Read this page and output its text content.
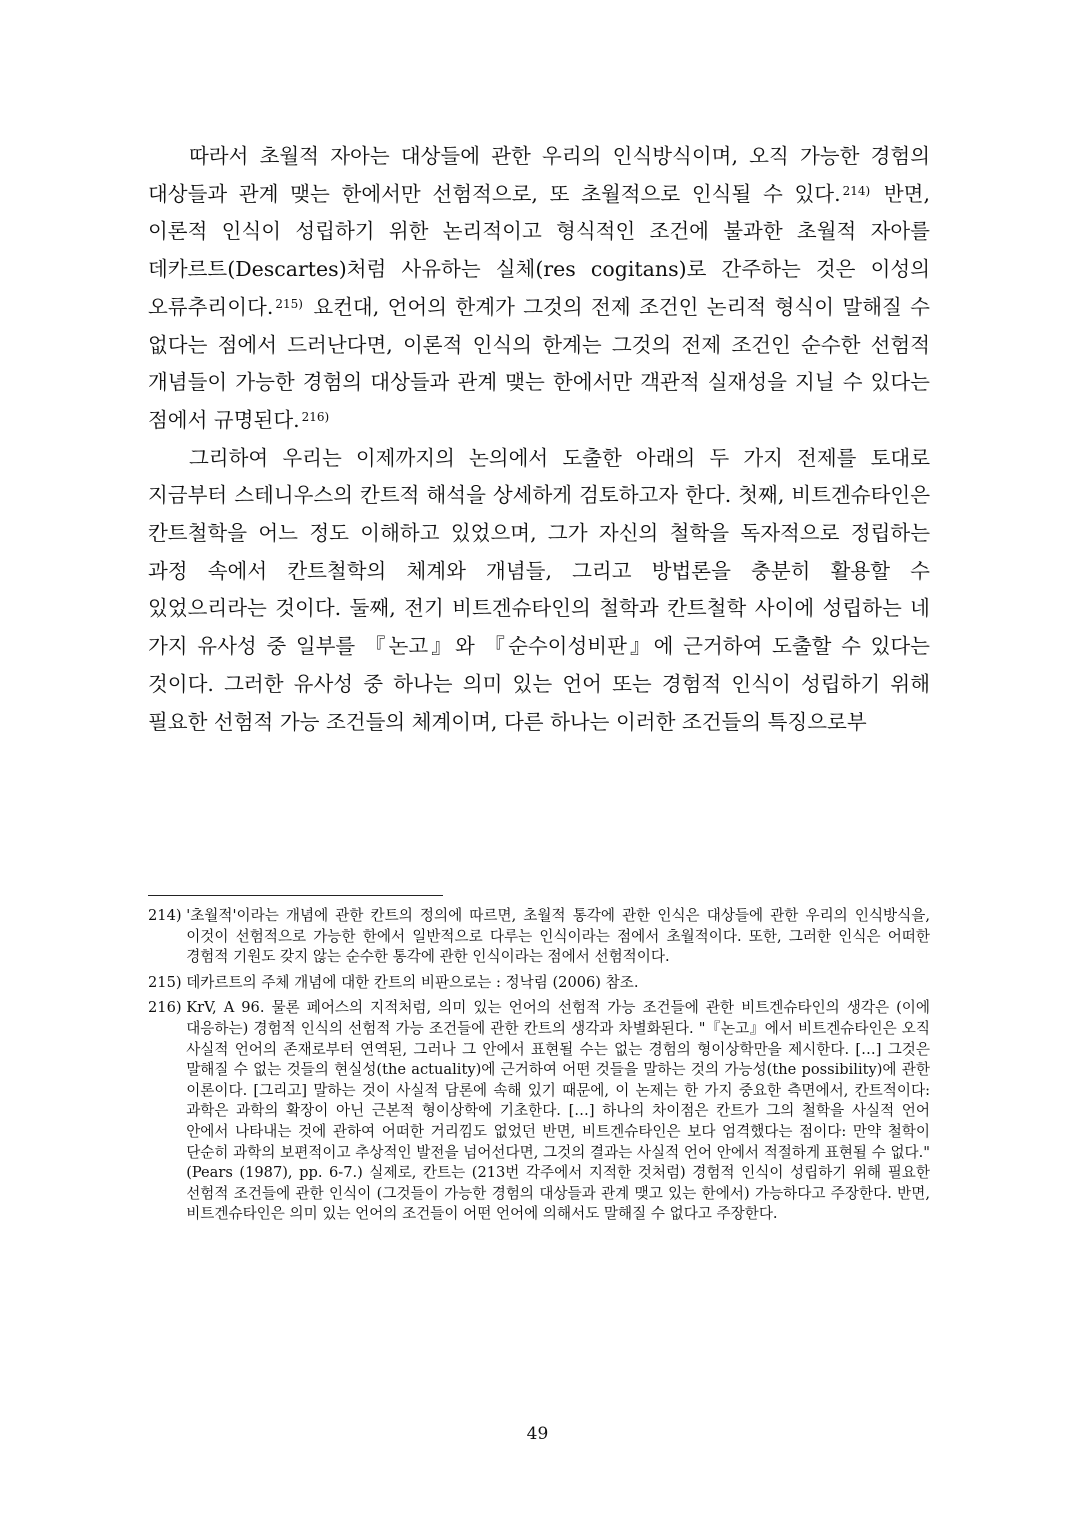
따라서 초월적 자아는 대상들에 관한 우리의 인식방식이며, 오직 가능한 경험의 대상들과 관계 맺는 한에서만 선험적으로, 또 초월적으로 인식될 수 있다. $^{214)}$ 반면, 이론적 인식이 성립하기 위한 논리적이고 형식적인 조건에 불과한 초월적 자아를 데카르트(Descartes)처럼 사유하는 실체(res cogitans)로 간주하는 것은 이성의 오류추리이다. $^{215)}$ 요컨대, 언어의 한계가 그것의 전제 조건인 논리적 형식이 말해질 수 없다는 점에서 드러난다면, 이론적 인식의 한계는 그것의 전제 조건인 순수한 선험적 개념들이 가능한 경험의 대상들과 관계 맺는 한에서만 객관적 실재성을 지닐 수 있다는 점에서 규명된다. $^{216)}$

그리하여 우리는 이제까지의 논의에서 도출한 아래의 두 가지 전제를 토대로 지금부터 스테니우스의 칸트적 해석을 상세하게 검토하고자 한다. 첫째, 비트겐슈타인은 칸트철학을 어느 정도 이해하고 있었으며, 그가 자신의 철학을 독자적으로 정립하는 과정 속에서 칸트철학의 체계와 개념들, 그리고 방법론을 충분히 활용할 수 있었으리라는 것이다. 둘째, 전기 비트겐슈타인의 철학과 칸트철학 사이에 성립하는 네 가지 유사성 중 일부를 『논고』와 『순수이성비판』에 근거하여 도출할 수 있다는 것이다. 그러한 유사성 중 하나는 의미 있는 언어 또는 경험적 인식이 성립하기 위해 필요한 선험적 가능 조건들의 체계이며, 다른 하나는 이러한 조건들의 특징으로부

214) '초월적'이라는 개념에 관한 칸트의 정의에 따르면, 초월적 통각에 관한 인식은 대상들에 관한 우리의 인식방식을, 이것이 선험적으로 가능한 한에서 일반적으로 다루는 인식이라는 점에서 초월적이다. 또한, 그러한 인식은 어떠한 경험적 기원도 갖지 않는 순수한 통각에 관한 인식이라는 점에서 선험적이다.
215) 데카르트의 주체 개념에 대한 칸트의 비판으로는 : 정낙림 (2006) 참조.
216) KrV, A 96. 물론 페어스의 지적처럼, 의미 있는 언어의 선험적 가능 조건들에 관한 비트겐슈타인의 생각은 (이에 대응하는) 경험적 인식의 선험적 가능 조건들에 관한 칸트의 생각과 차별화된다. "『논고』에서 비트겐슈타인은 오직 사실적 언어의 존재로부터 연역된, 그러나 그 안에서 표현될 수는 없는 경험의 형이상학만을 제시한다. […] 그것은 말해질 수 없는 것들의 현실성(the actuality)에 근거하여 어떤 것들을 말하는 것의 가능성(the possibility)에 관한 이론이다. [그리고] 말하는 것이 사실적 담론에 속해 있기 때문에, 이 논제는 한 가지 중요한 측면에서, 칸트적이다: 과학은 과학의 확장이 아닌 근본적 형이상학에 기초한다. […] 하나의 차이점은 칸트가 그의 철학을 사실적 언어 안에서 나타내는 것에 관하여 어떠한 거리낌도 없었던 반면, 비트겐슈타인은 보다 엄격했다는 점이다: 만약 철학이 단순히 과학의 보편적이고 추상적인 발전을 넘어선다면, 그것의 결과는 사실적 언어 안에서 적절하게 표현될 수 없다."(Pears (1987), pp. 6-7.) 실제로, 칸트는 (213번 각주에서 지적한 것처럼) 경험적 인식이 성립하기 위해 필요한 선험적 조건들에 관한 인식이 (그것들이 가능한 경험의 대상들과 관계 맺고 있는 한에서) 가능하다고 주장한다. 반면, 비트겐슈타인은 의미 있는 언어의 조건들이 어떤 언어에 의해서도 말해질 수 없다고 주장한다.
49
